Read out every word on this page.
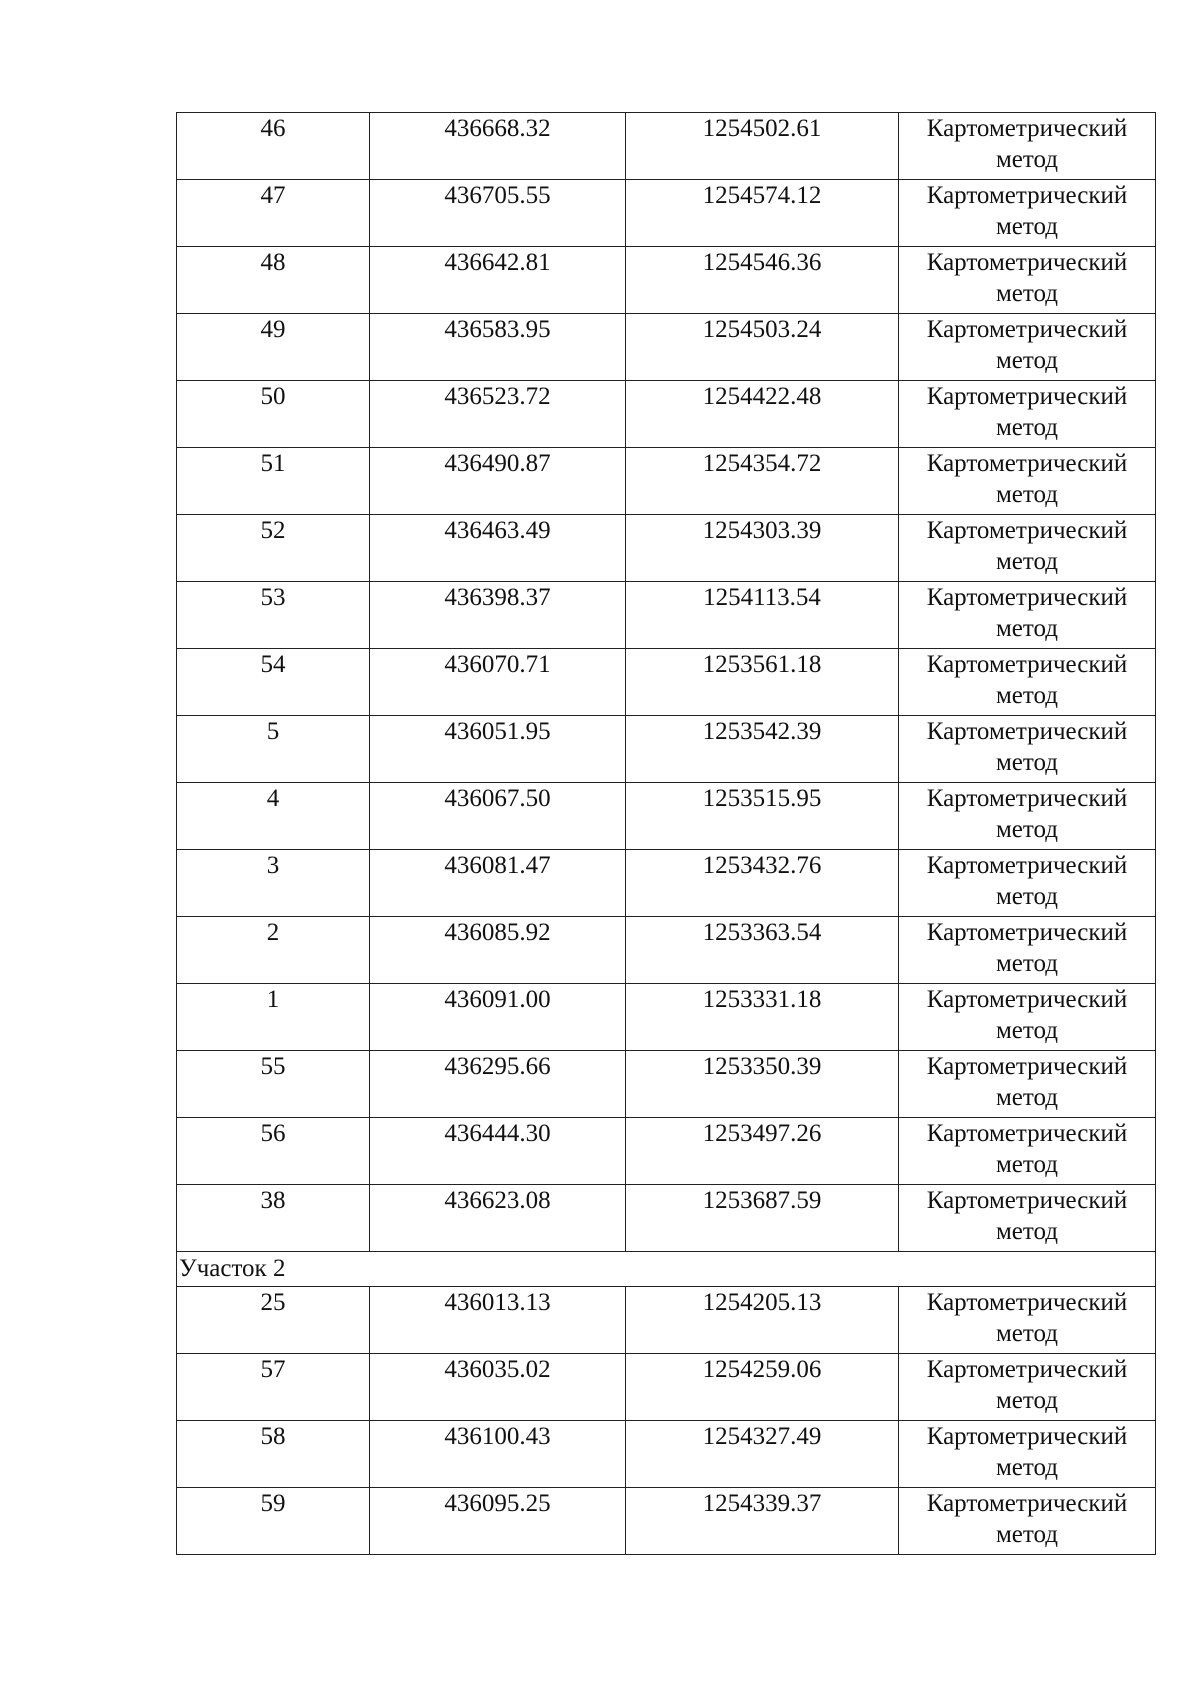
46	436668.32	1254502.61	Картометрический метод
47	436705.55	1254574.12	Картометрический метод
48	436642.81	1254546.36	Картометрический метод
49	436583.95	1254503.24	Картометрический метод
50	436523.72	1254422.48	Картометрический метод
51	436490.87	1254354.72	Картометрический метод
52	436463.49	1254303.39	Картометрический метод
53	436398.37	1254113.54	Картометрический метод
54	436070.71	1253561.18	Картометрический метод
5	436051.95	1253542.39	Картометрический метод
4	436067.50	1253515.95	Картометрический метод
3	436081.47	1253432.76	Картометрический метод
2	436085.92	1253363.54	Картометрический метод
1	436091.00	1253331.18	Картометрический метод
55	436295.66	1253350.39	Картометрический метод
56	436444.30	1253497.26	Картометрический метод
38	436623.08	1253687.59	Картометрический метод
Участок 2			
25	436013.13	1254205.13	Картометрический метод
57	436035.02	1254259.06	Картометрический метод
58	436100.43	1254327.49	Картометрический метод
59	436095.25	1254339.37	Картометрический метод
